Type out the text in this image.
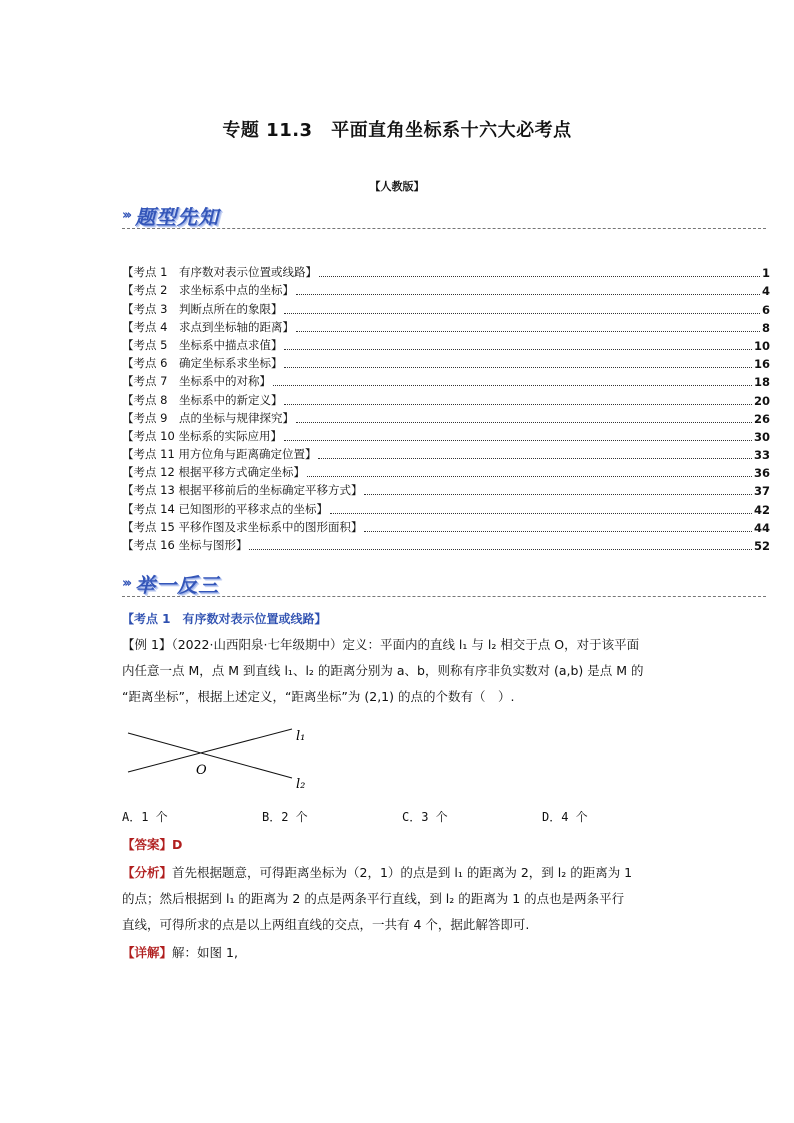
专题 11.3　平面直角坐标系十六大必考点
【人教版】
››› 题型先知
【考点 1　有序数对表示位置或线路】	1
【考点 2　求坐标系中点的坐标】	4
【考点 3　判断点所在的象限】	6
【考点 4　求点到坐标轴的距离】	8
【考点 5　坐标系中描点求值】	10
【考点 6　确定坐标系求坐标】	16
【考点 7　坐标系中的对称】	18
【考点 8　坐标系中的新定义】	20
【考点 9　点的坐标与规律探究】	26
【考点 10 坐标系的实际应用】	30
【考点 11 用方位角与距离确定位置】	33
【考点 12 根据平移方式确定坐标】	36
【考点 13 根据平移前后的坐标确定平移方式】	37
【考点 14 已知图形的平移求点的坐标】	42
【考点 15 平移作图及求坐标系中的图形面积】	44
【考点 16 坐标与图形】	52
››› 举一反三
【考点 1　有序数对表示位置或线路】
【例 1】（2022·山西阳泉·七年级期中）定义：平面内的直线 l₁ 与 l₂ 相交于点 O，对于该平面
内任意一点 M，点 M 到直线 l₁、l₂ 的距离分别为 a、b，则称有序非负实数对 (a,b) 是点 M 的
“距离坐标”，根据上述定义，“距离坐标”为 (2,1) 的点的个数有（　）.
l₁
O
l₂
A．1 个	B．2 个	C．3 个	D．4 个
【答案】D
【分析】首先根据题意，可得距离坐标为（2，1）的点是到 l₁ 的距离为 2，到 l₂ 的距离为 1
的点；然后根据到 l₁ 的距离为 2 的点是两条平行直线，到 l₂ 的距离为 1 的点也是两条平行
直线，可得所求的点是以上两组直线的交点，一共有 4 个，据此解答即可.
【详解】解：如图 1,
